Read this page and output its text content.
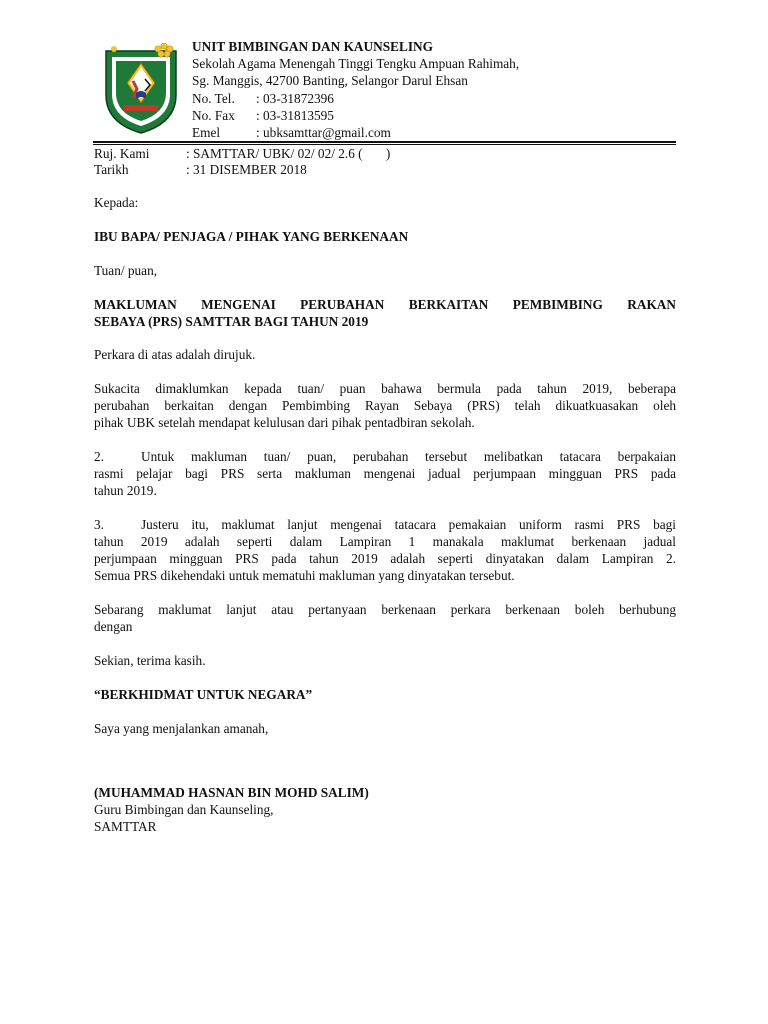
UNIT BIMBINGAN DAN KAUNSELING
Sekolah Agama Menengah Tinggi Tengku Ampuan Rahimah,
Sg. Manggis, 42700 Banting, Selangor Darul Ehsan
No. Tel.	: 03-31872396
No. Fax	: 03-31813595
Emel	: ubksamttar@gmail.com
Ruj. Kami	: SAMTTAR/ UBK/ 02/ 02/ 2.6 (       )
Tarikh	: 31 DISEMBER 2018
Kepada:
IBU BAPA/ PENJAGA / PIHAK YANG BERKENAAN
Tuan/ puan,
MAKLUMAN MENGENAI PERUBAHAN BERKAITAN PEMBIMBING RAKAN
SEBAYA (PRS) SAMTTAR BAGI TAHUN 2019
Perkara di atas adalah dirujuk.
Sukacita dimaklumkan kepada tuan/ puan bahawa bermula pada tahun 2019, beberapa
perubahan berkaitan dengan Pembimbing Rayan Sebaya (PRS) telah dikuatkuasakan oleh
pihak UBK setelah mendapat kelulusan dari pihak pentadbiran sekolah.
2.	Untuk makluman tuan/ puan, perubahan tersebut melibatkan tatacara berpakaian
rasmi pelajar bagi PRS serta makluman mengenai jadual perjumpaan mingguan PRS pada
tahun 2019.
3.	Justeru itu, maklumat lanjut mengenai tatacara pemakaian uniform rasmi PRS bagi
tahun 2019 adalah seperti dalam Lampiran 1 manakala maklumat berkenaan jadual
perjumpaan mingguan PRS pada tahun 2019 adalah seperti dinyatakan dalam Lampiran 2.
Semua PRS dikehendaki untuk mematuhi makluman yang dinyatakan tersebut.
Sebarang maklumat lanjut atau pertanyaan berkenaan perkara berkenaan boleh berhubung
dengan
Sekian, terima kasih.
“BERKHIDMAT UNTUK NEGARA”
Saya yang menjalankan amanah,
(MUHAMMAD HASNAN BIN MOHD SALIM)
Guru Bimbingan dan Kaunseling,
SAMTTAR
